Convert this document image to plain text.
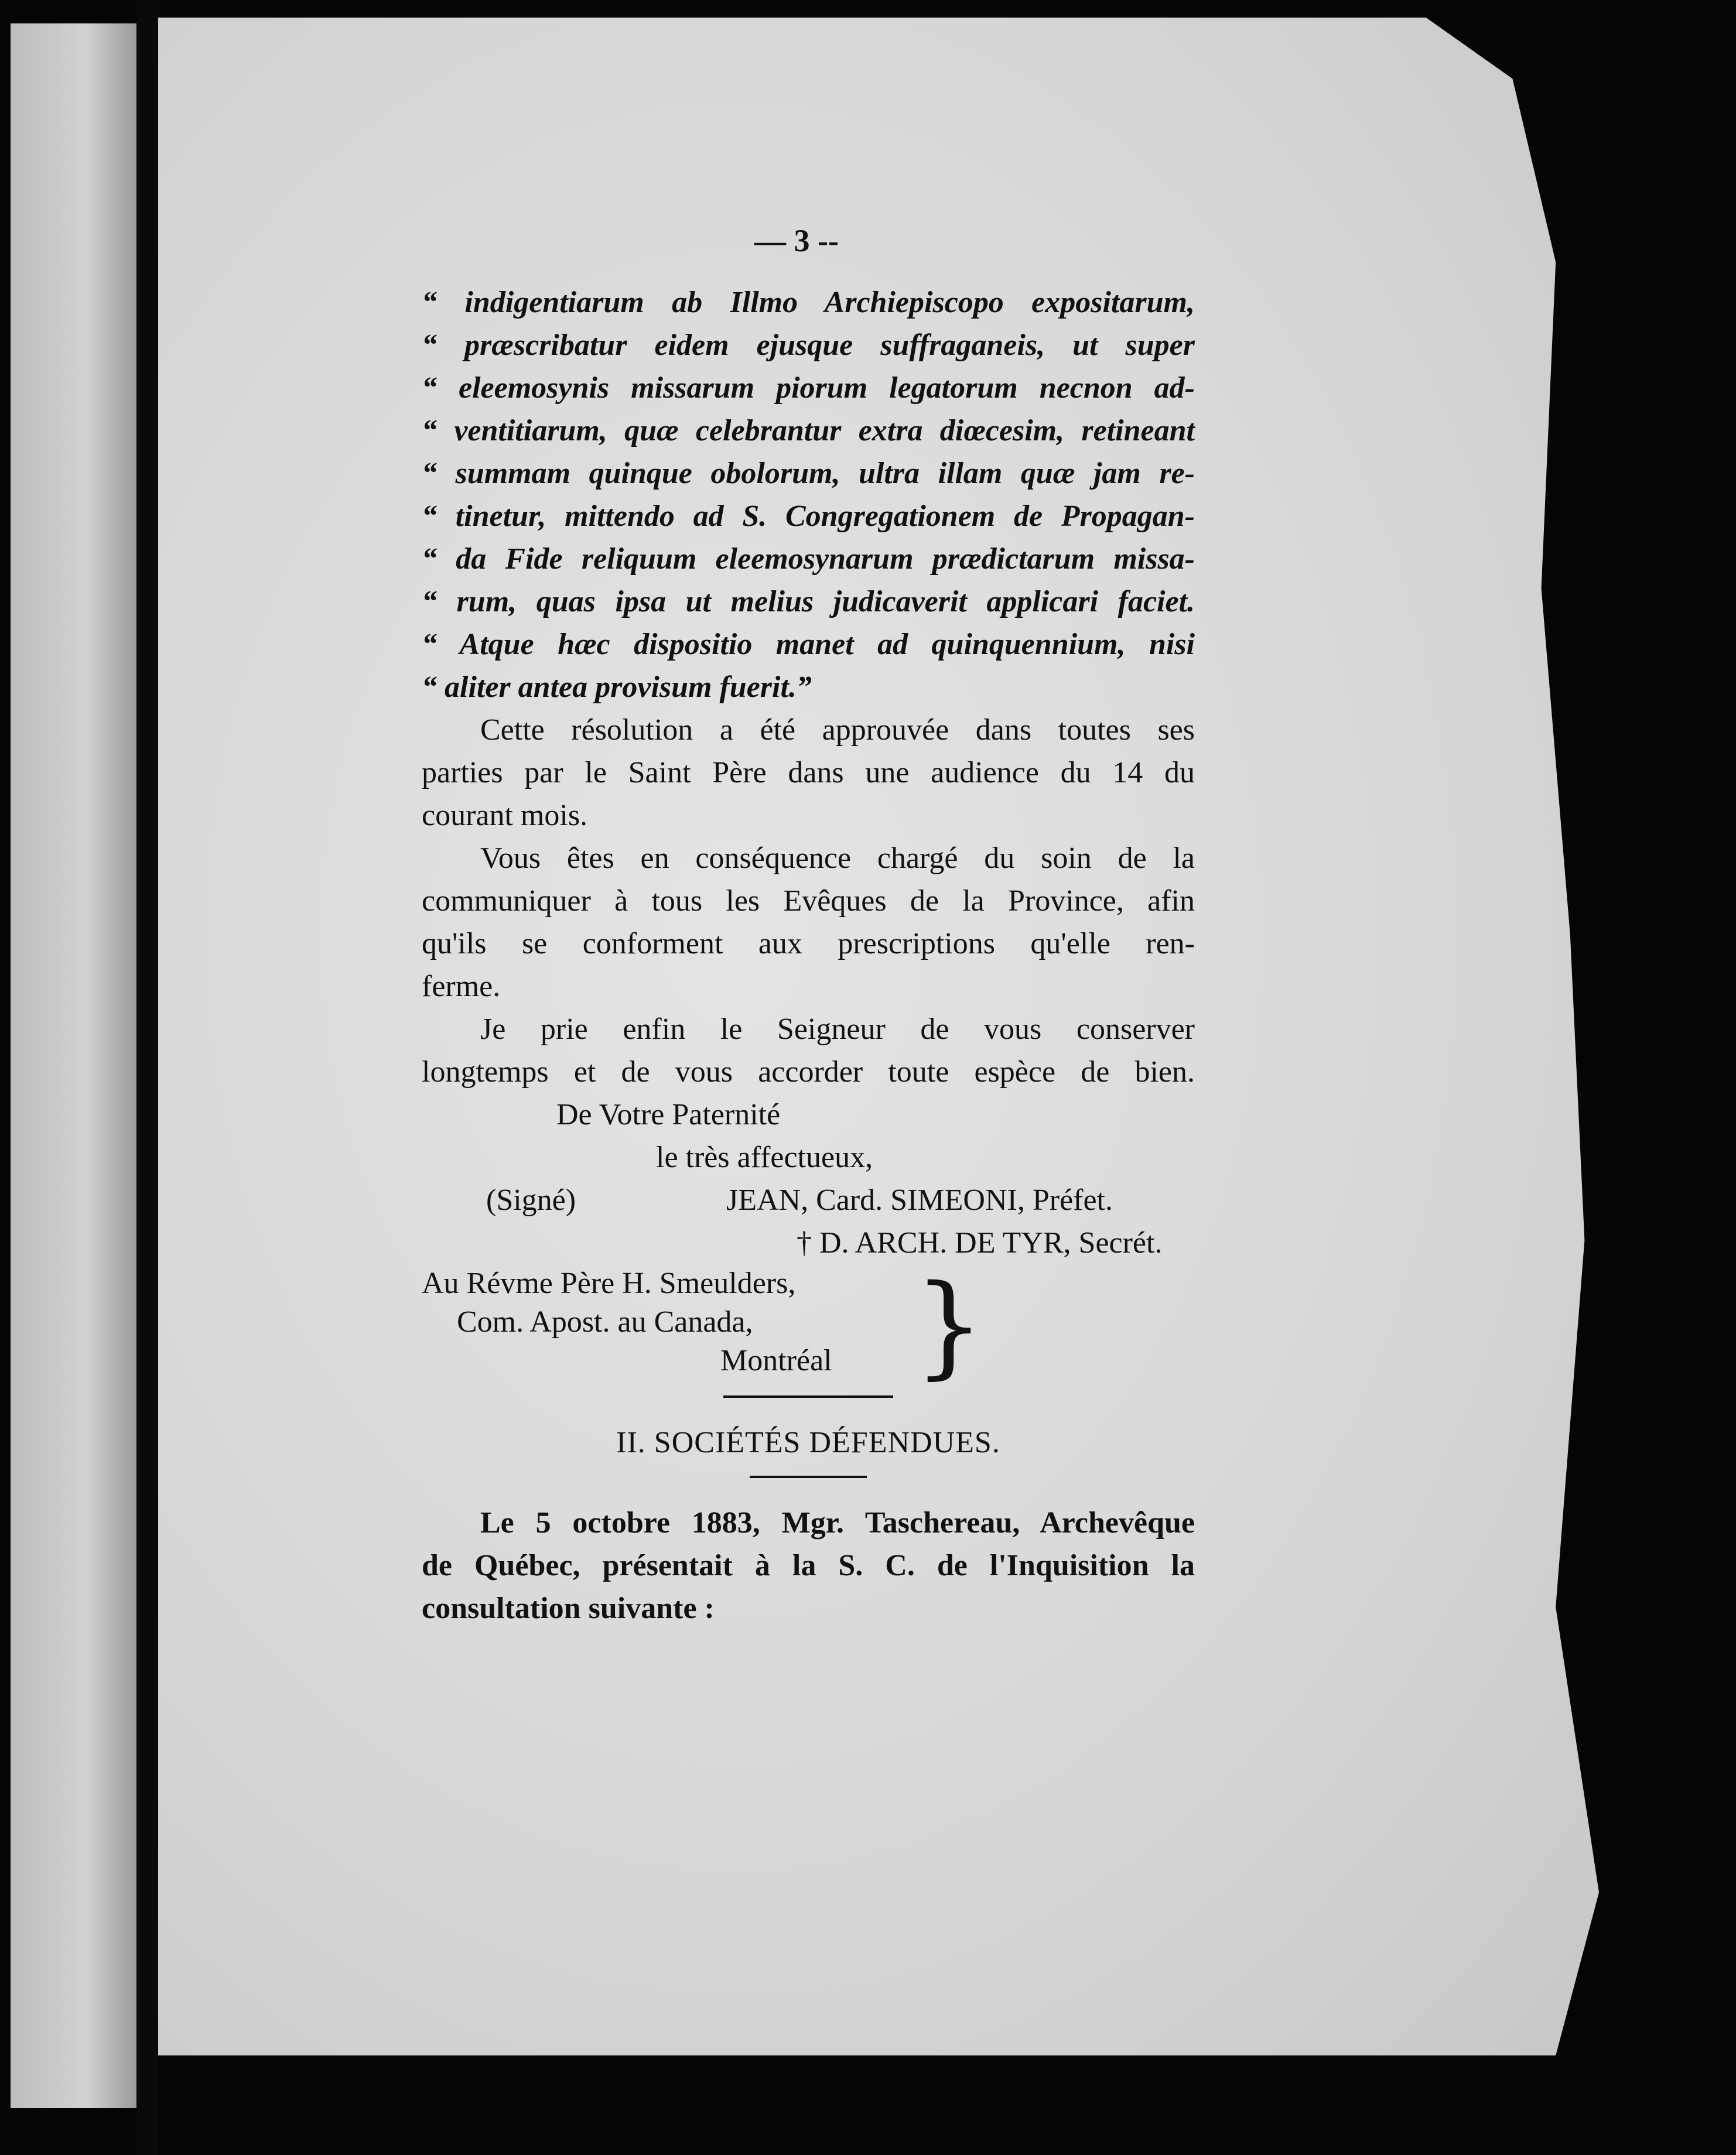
— 3 --

“ indigentiarum ab Illmo Archiepiscopo expositarum,

“ præscribatur eidem ejusque suffraganeis, ut super

“ eleemosynis missarum piorum legatorum necnon ad-

“ ventitiarum, quæ celebrantur extra diœcesim, retineant

“ summam quinque obolorum, ultra illam quæ jam re-

“ tinetur, mittendo ad S. Congregationem de Propagan-

“ da Fide reliquum eleemosynarum prædictarum missa-

“ rum, quas ipsa ut melius judicaverit applicari faciet.

“ Atque hæc dispositio manet ad quinquennium, nisi

“ aliter antea provisum fuerit.”

Cette résolution a été approuvée dans toutes ses
parties par le Saint Père dans une audience du 14 du
courant mois.
Vous êtes en conséquence chargé du soin de la
communiquer à tous les Evêques de la Province, afin
qu'ils se conforment aux prescriptions qu'elle ren-
ferme.
Je prie enfin le Seigneur de vous conserver
longtemps et de vous accorder toute espèce de bien.
De Votre Paternité
le très affectueux,
(Signé)	JEAN, Card. SIMEONI, Préfet.
† D. ARCH. DE TYR, Secrét.
Au Révme Père H. Smeulders,
Com. Apost. au Canada,
Montréal }
II. SOCIÉTÉS DÉFENDUES.
Le 5 octobre 1883, Mgr. Taschereau, Archevêque
de Québec, présentait à la S. C. de l'Inquisition la
consultation suivante :
